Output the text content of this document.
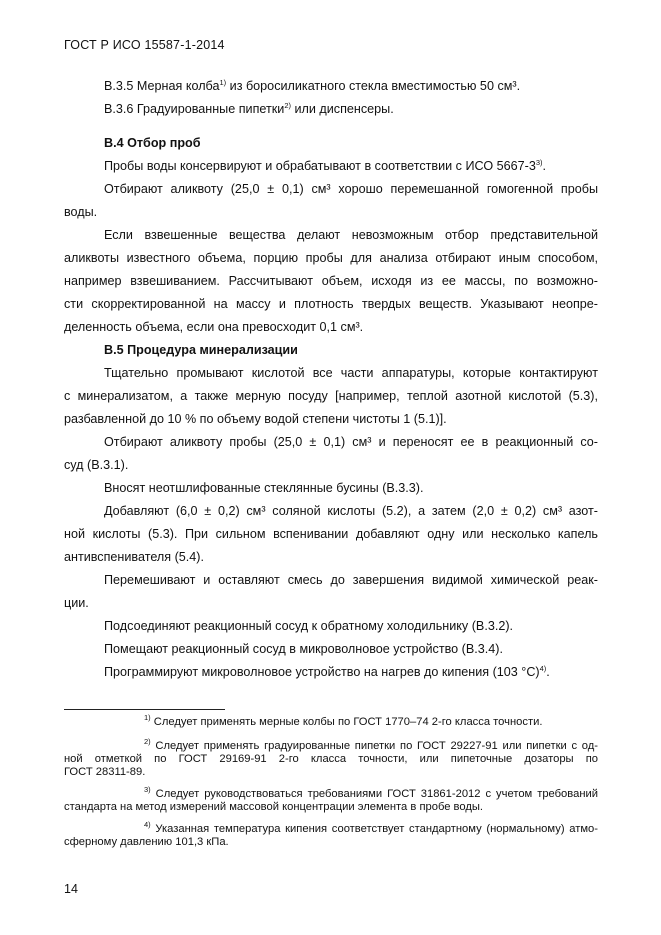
ГОСТ Р ИСО 15587-1-2014
B.3.5 Мерная колба$^{1)}$ из боросиликатного стекла вместимостью 50 см³.
B.3.6 Градуированные пипетки$^{2)}$ или диспенсеры.
B.4 Отбор проб
Пробы воды консервируют и обрабатывают в соответствии с ИСО 5667-3$^{3)}$.
Отбирают аликвоту (25,0 ± 0,1) см³ хорошо перемешанной гомогенной пробы
воды.
Если взвешенные вещества делают невозможным отбор представительной
аликвоты известного объема, порцию пробы для анализа отбирают иным способом,
например взвешиванием. Рассчитывают объем, исходя из ее массы, по возможно-
сти скорректированной на массу и плотность твердых веществ. Указывают неопре-
деленность объема, если она превосходит 0,1 см³.
B.5 Процедура минерализации
Тщательно промывают кислотой все части аппаратуры, которые контактируют
с минерализатом, а также мерную посуду [например, теплой азотной кислотой (5.3),
разбавленной до 10 % по объему водой степени чистоты 1 (5.1)].
Отбирают аликвоту пробы (25,0 ± 0,1) см³ и переносят ее в реакционный со-
суд (B.3.1).
Вносят неотшлифованные стеклянные бусины (B.3.3).
Добавляют (6,0 ± 0,2) см³ соляной кислоты (5.2), а затем (2,0 ± 0,2) см³ азот-
ной кислоты (5.3). При сильном вспенивании добавляют одну или несколько капель
антивспенивателя (5.4).
Перемешивают и оставляют смесь до завершения видимой химической реак-
ции.
Подсоединяют реакционный сосуд к обратному холодильнику (B.3.2).
Помещают реакционный сосуд в микроволновое устройство (B.3.4).
Программируют микроволновое устройство на нагрев до кипения (103 °C)$^{4)}$.
$^{1)}$ Следует применять мерные колбы по ГОСТ 1770–74 2-го класса точности.
$^{2)}$ Следует применять градуированные пипетки по ГОСТ 29227-91 или пипетки с од-
ной отметкой по ГОСТ 29169-91 2-го класса точности, или пипеточные дозаторы по
ГОСТ 28311-89.
$^{3)}$ Следует руководствоваться требованиями ГОСТ 31861-2012 с учетом требований
стандарта на метод измерений массовой концентрации элемента в пробе воды.
$^{4)}$ Указанная температура кипения соответствует стандартному (нормальному) атмо-
сферному давлению 101,3 кПа.
14
